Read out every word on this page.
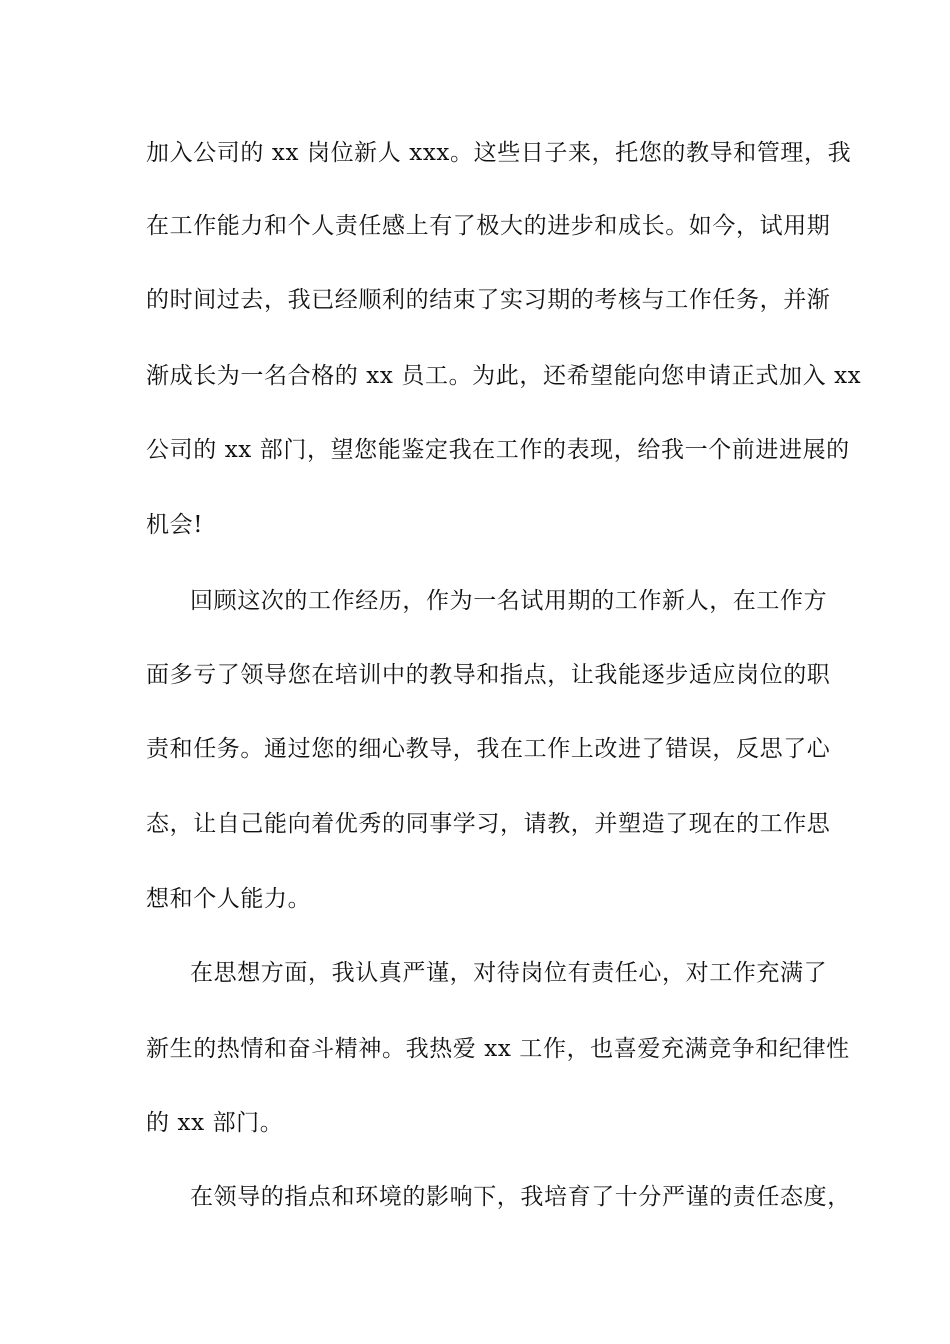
加入公司的 xx 岗位新人 xxx。这些日子来，托您的教导和管理，我
在工作能力和个人责任感上有了极大的进步和成长。如今，试用期
的时间过去，我已经顺利的结束了实习期的考核与工作任务，并渐
渐成长为一名合格的 xx 员工。为此，还希望能向您申请正式加入 xx
公司的 xx 部门，望您能鉴定我在工作的表现，给我一个前进进展的
机会!
回顾这次的工作经历，作为一名试用期的工作新人，在工作方
面多亏了领导您在培训中的教导和指点，让我能逐步适应岗位的职
责和任务。通过您的细心教导，我在工作上改进了错误，反思了心
态，让自己能向着优秀的同事学习，请教，并塑造了现在的工作思
想和个人能力。
在思想方面，我认真严谨，对待岗位有责任心，对工作充满了
新生的热情和奋斗精神。我热爱 xx 工作，也喜爱充满竞争和纪律性
的 xx 部门。
在领导的指点和环境的影响下，我培育了十分严谨的责任态度，
